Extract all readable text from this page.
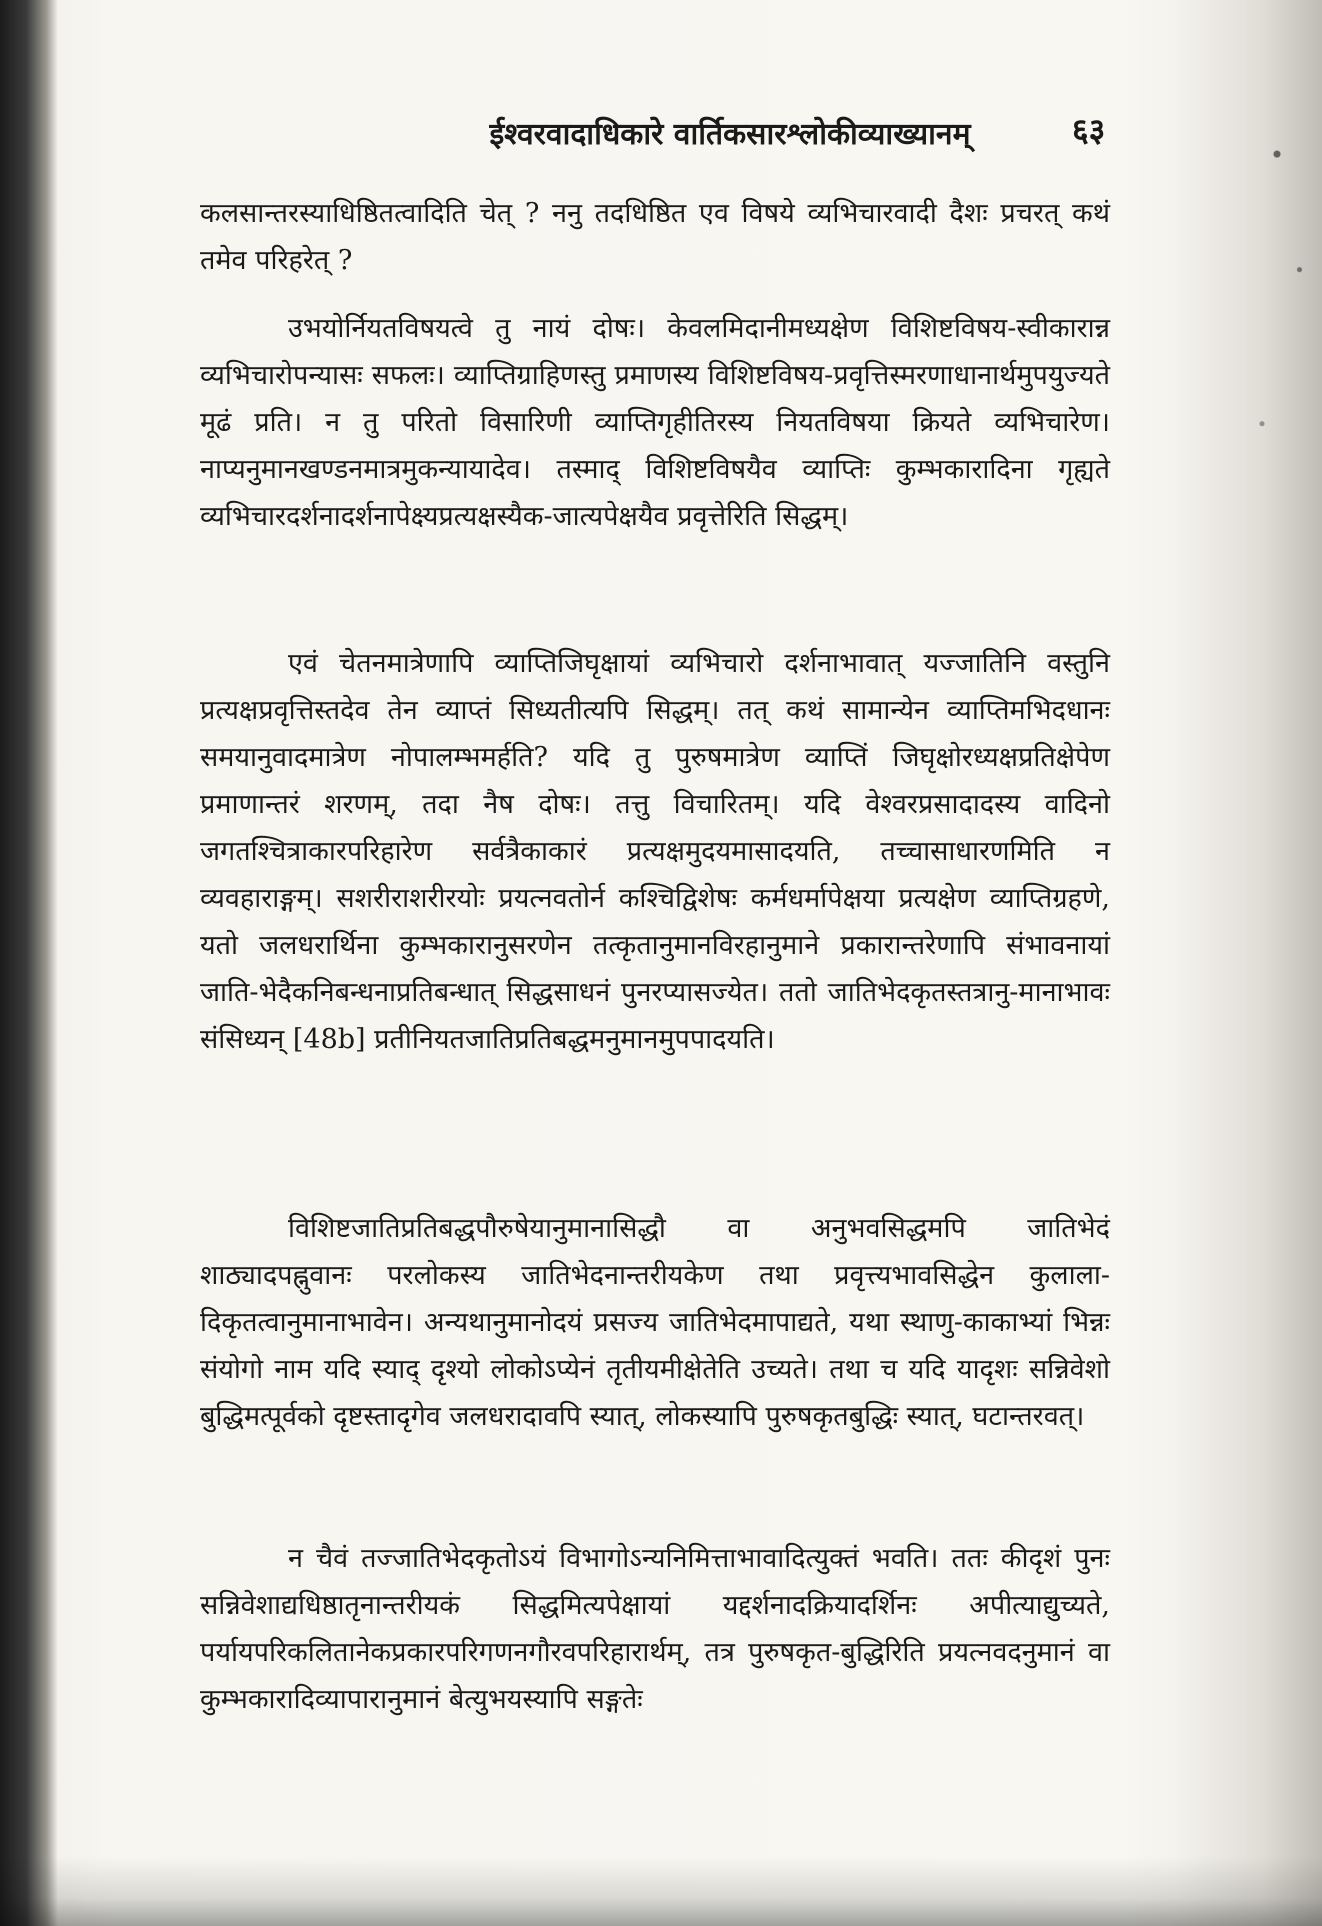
ईश्वरवादाधिकारे वार्तिकसारश्लोकीव्याख्यानम्	६३

कलसान्तरस्याधिष्ठितत्वादिति चेत् ? ननु तदधिष्ठित एव विषये व्यभिचारवादी दैशः प्रचरत् कथं तमेव परिहरेत् ?

उभयोर्नियतविषयत्वे तु नायं दोषः। केवलमिदानीमध्यक्षेण विशिष्टविषय-स्वीकारान्न व्यभिचारोपन्यासः सफलः। व्याप्तिग्राहिणस्तु प्रमाणस्य विशिष्टविषय-प्रवृत्तिस्मरणाधानार्थमुपयुज्यते मूढं प्रति। न तु परितो विसारिणी व्याप्तिगृहीतिरस्य नियतविषया क्रियते व्यभिचारेण। नाप्यनुमानखण्डनमात्रमुकन्यायादेव। तस्माद् विशिष्टविषयैव व्याप्तिः कुम्भकारादिना गृह्यते व्यभिचारदर्शनादर्शनापेक्ष्यप्रत्यक्षस्यैक-जात्यपेक्षयैव प्रवृत्तेरिति सिद्धम्।

एवं चेतनमात्रेणापि व्याप्तिजिघृक्षायां व्यभिचारो दर्शनाभावात् यज्जातिनि वस्तुनि प्रत्यक्षप्रवृत्तिस्तदेव तेन व्याप्तं सिध्यतीत्यपि सिद्धम्। तत् कथं सामान्येन व्याप्तिमभिदधानः समयानुवादमात्रेण नोपालम्भमर्हति? यदि तु पुरुषमात्रेण व्याप्तिं जिघृक्षोरध्यक्षप्रतिक्षेपेण प्रमाणान्तरं शरणम्, तदा नैष दोषः। तत्तु विचारितम्। यदि वेश्वरप्रसादादस्य वादिनो जगतश्चित्राकारपरिहारेण सर्वत्रैकाकारं प्रत्यक्षमुदयमासादयति, तच्चासाधारणमिति न व्यवहाराङ्गम्। सशरीराशरीरयोः प्रयत्नवतोर्न कश्चिद्विशेषः कर्मधर्मापेक्षया प्रत्यक्षेण व्याप्तिग्रहणे, यतो जलधरार्थिना कुम्भकारानुसरणेन तत्कृतानुमानविरहानुमाने प्रकारान्तरेणापि संभावनायां जाति-भेदैकनिबन्धनाप्रतिबन्धात् सिद्धसाधनं पुनरप्यासज्येत। ततो जातिभेदकृतस्तत्रानु-मानाभावः संसिध्यन् [48b] प्रतीनियतजातिप्रतिबद्धमनुमानमुपपादयति।

विशिष्टजातिप्रतिबद्धपौरुषेयानुमानासिद्धौ वा अनुभवसिद्धमपि जातिभेदं शाठ्यादपह्नुवानः परलोकस्य जातिभेदनान्तरीयकेण तथा प्रवृत्त्यभावसिद्धेन कुलाला-दिकृतत्वानुमानाभावेन। अन्यथानुमानोदयं प्रसज्य जातिभेदमापाद्यते, यथा स्थाणु-काकाभ्यां भिन्नः संयोगो नाम यदि स्याद् दृश्यो लोकोऽप्येनं तृतीयमीक्षेतेति उच्यते। तथा च यदि यादृशः सन्निवेशो बुद्धिमत्पूर्वको दृष्टस्तादृगेव जलधरादावपि स्यात्, लोकस्यापि पुरुषकृतबुद्धिः स्यात्, घटान्तरवत्।

न चैवं तज्जातिभेदकृतोऽयं विभागोऽन्यनिमित्ताभावादित्युक्तं भवति। ततः कीदृशं पुनः सन्निवेशाद्यधिष्ठातृनान्तरीयकं सिद्धमित्यपेक्षायां यद्दर्शनादक्रियादर्शिनः अपीत्याद्युच्यते, पर्यायपरिकलितानेकप्रकारपरिगणनगौरवपरिहारार्थम्, तत्र पुरुषकृत-बुद्धिरिति प्रयत्नवदनुमानं वा कुम्भकारादिव्यापारानुमानं बेत्युभयस्यापि सङ्गतेः
